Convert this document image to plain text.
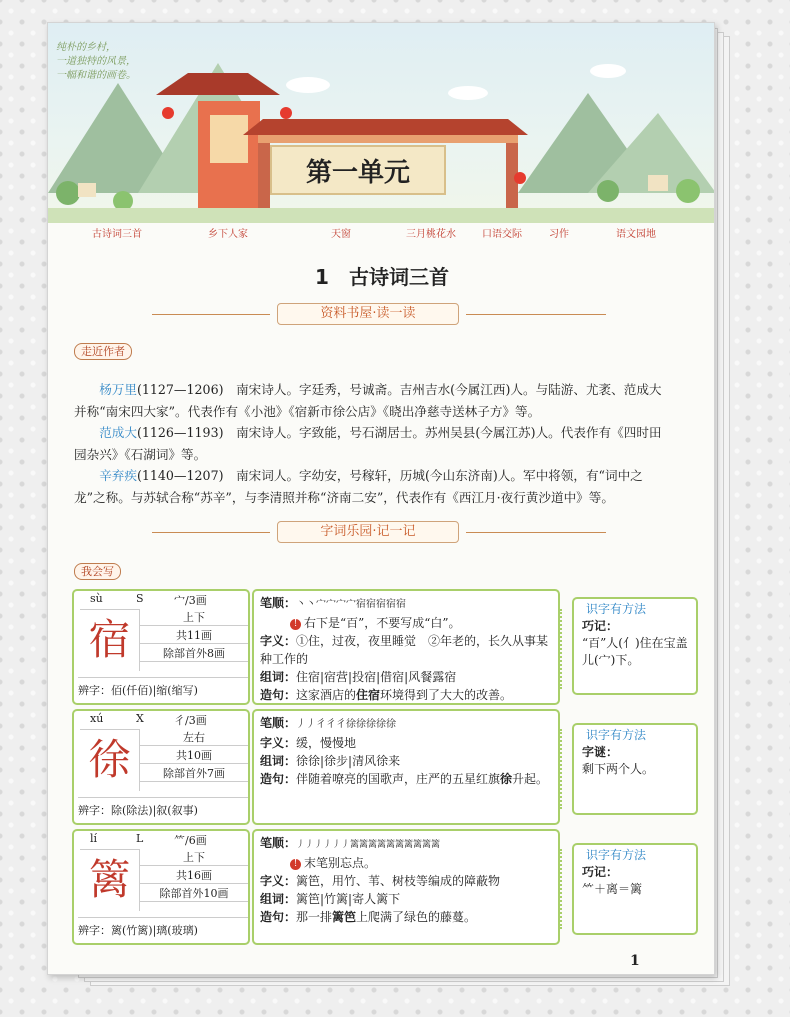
纯朴的乡村，
一道独特的风景，
一幅和谐的画卷。
第一单元
古诗词三首	乡下人家	天窗	三月桃花水	口语交际	习作	语文园地
1　古诗词三首
资料书屋·读一读
走近作者

杨万里(1127—1206)　南宋诗人。字廷秀，号诚斋。吉州吉水(今属江西)人。与陆游、尤袤、范成大并称“南宋四大家”。代表作有《小池》《宿新市徐公店》《晓出净慈寺送林子方》等。

范成大(1126—1193)　南宋诗人。字致能，号石湖居士。苏州吴县(今属江苏)人。代表作有《四时田园杂兴》《石湖词》等。

辛弃疾(1140—1207)　南宋词人。字幼安，号稼轩，历城(今山东济南)人。军中将领，有“词中之龙”之称。与苏轼合称“苏辛”，与李清照并称“济南二安”，代表作有《西江月·夜行黄沙道中》等。

字词乐园·记一记
我会写
sù	S	宀/3画
宿	上下
共11画
除部首外8画
辨字：佰(仟佰)|缩(缩写)
笔顺：丶丶宀宀宀宀宿宿宿宿宿
! 右下是“百”，不要写成“白”。
字义：①住，过夜，夜里睡觉　②年老的，长久从事某种工作的
组词：住宿|宿营|投宿|借宿|风餐露宿
造句：这家酒店的住宿环境得到了大大的改善。
识字有方法
巧记：
“百”人(亻)住在宝盖儿(宀)下。
xú	X	彳/3画
徐	左右
共10画
除部首外7画
辨字：除(除法)|叙(叙事)
笔顺：丿丿彳彳彳徐徐徐徐徐
字义：缓，慢慢地
组词：徐徐|徐步|清风徐来
造句：伴随着嘹亮的国歌声，庄严的五星红旗徐升起。
识字有方法
字谜：
剩下两个人。
lí	L	⺮/6画
篱	上下
共16画
除部首外10画
辨字：篱(竹篱)|璃(玻璃)
笔顺：丿丿丿丿丿丿篱篱篱篱篱篱篱篱篱篱
! 末笔别忘点。
字义：篱笆，用竹、苇、树枝等编成的障蔽物
组词：篱笆|竹篱|寄人篱下
造句：那一排篱笆上爬满了绿色的藤蔓。
识字有方法
巧记：
⺮＋离＝篱
1
